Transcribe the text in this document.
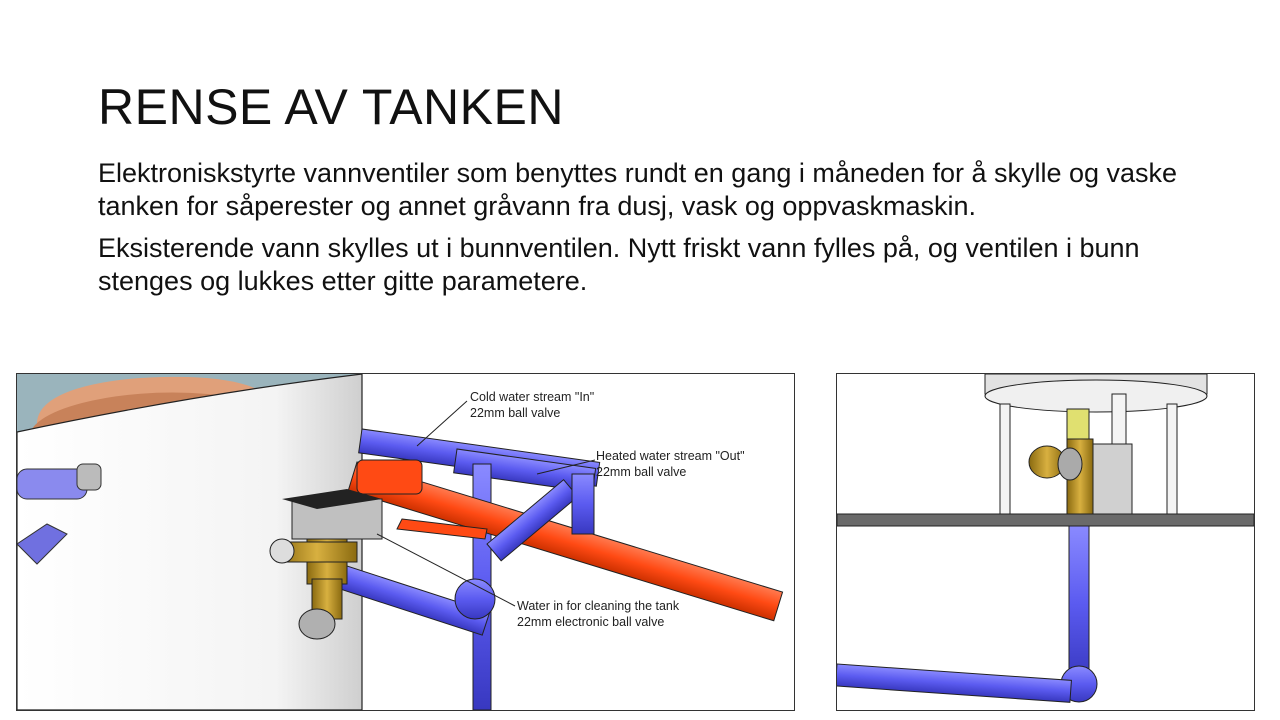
RENSE AV TANKEN

Elektroniskstyrte vannventiler som benyttes rundt en gang i måneden for å skylle og vaske tanken for såperester og annet gråvann fra dusj, vask og oppvaskmaskin.

Eksisterende vann skylles ut i bunnventilen. Nytt friskt vann fylles på, og ventilen i bunn stenges og lukkes etter gitte parametere.

Cold water stream "In"
22mm ball valve
Heated water stream "Out"
22mm ball valve
Water in for cleaning the tank
22mm electronic ball valve
